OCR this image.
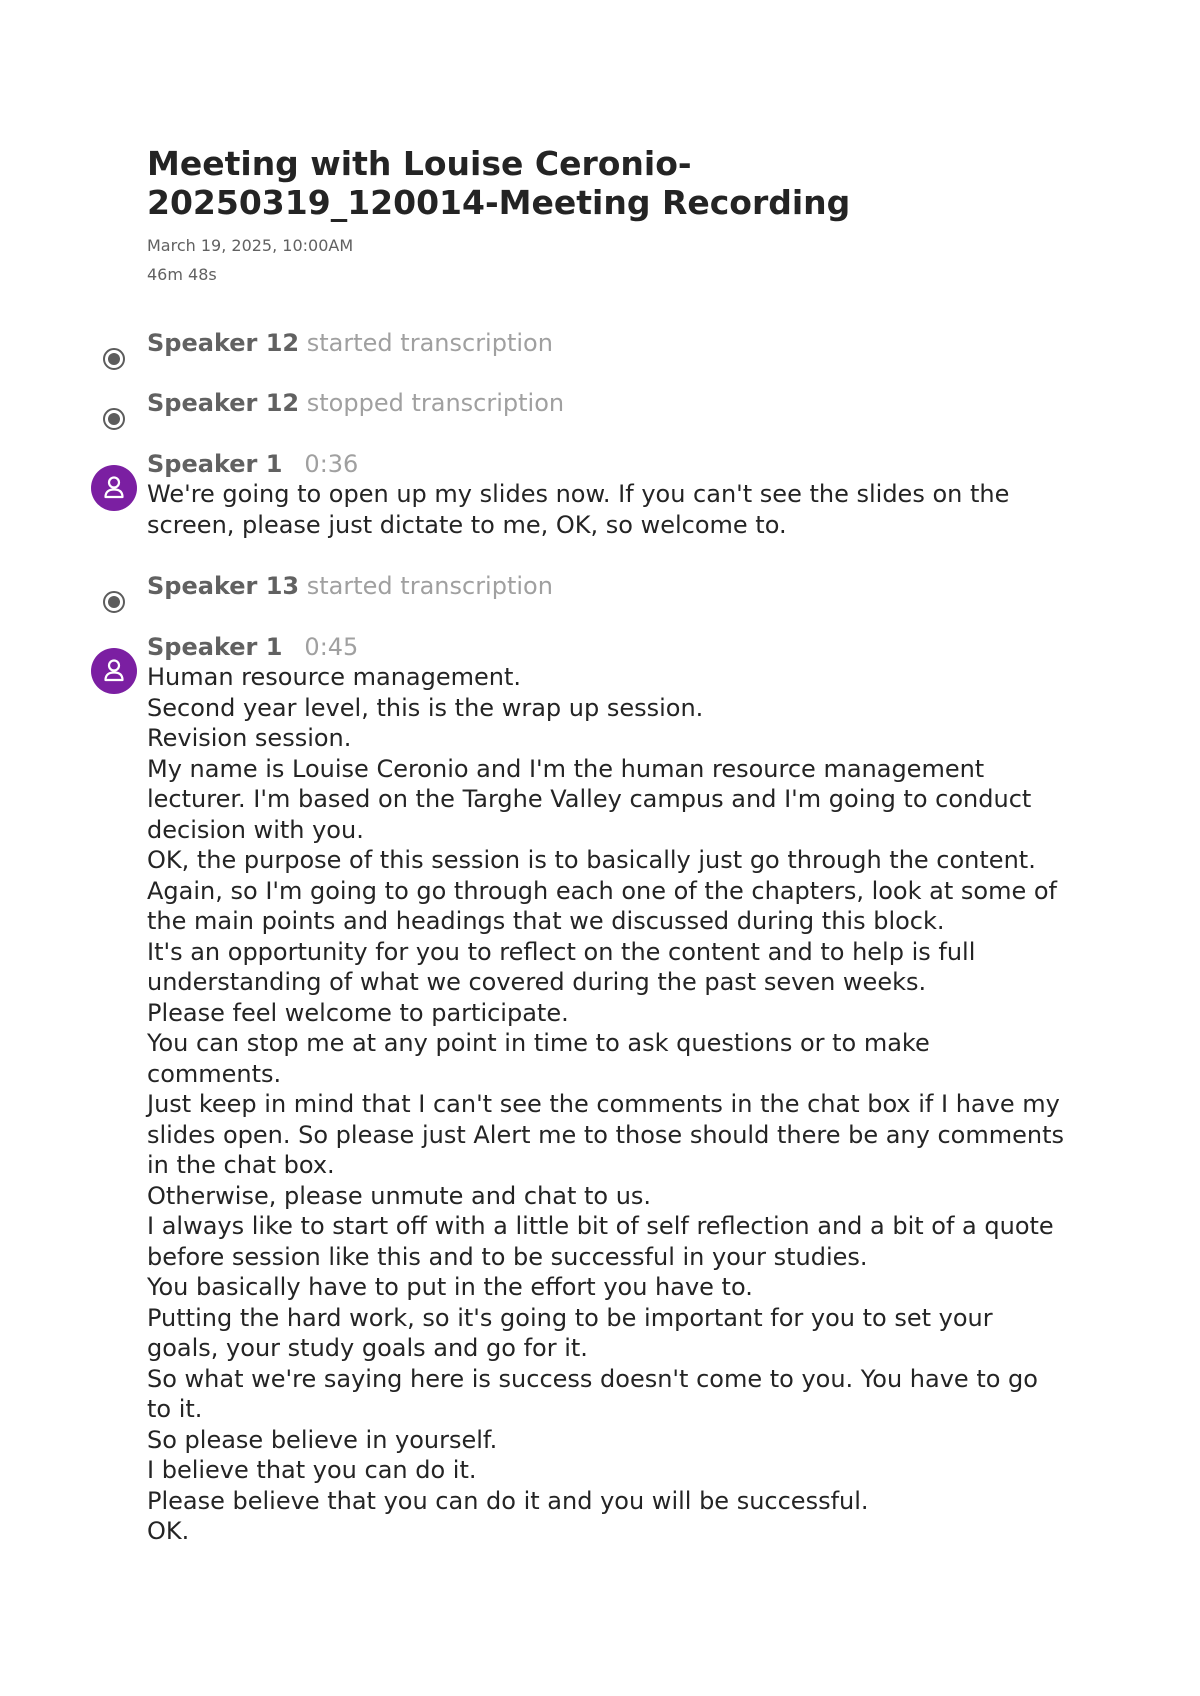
Meeting with Louise Ceronio-
20250319_120014-Meeting Recording

March 19, 2025, 10:00AM

46m 48s

Speaker 12 started transcription
Speaker 12 stopped transcription
Speaker 1 0:36

We're going to open up my slides now. If you can't see the slides on the screen, please just dictate to me, OK, so welcome to.

Speaker 13 started transcription
Speaker 1 0:45

Human resource management.

Second year level, this is the wrap up session.

Revision session.

My name is Louise Ceronio and I'm the human resource management lecturer. I'm based on the Targhe Valley campus and I'm going to conduct decision with you.

OK, the purpose of this session is to basically just go through the content.

Again, so I'm going to go through each one of the chapters, look at some of the main points and headings that we discussed during this block.

It's an opportunity for you to reflect on the content and to help is full understanding of what we covered during the past seven weeks.

Please feel welcome to participate.

You can stop me at any point in time to ask questions or to make comments.

Just keep in mind that I can't see the comments in the chat box if I have my slides open. So please just Alert me to those should there be any comments in the chat box.

Otherwise, please unmute and chat to us.

I always like to start off with a little bit of self reflection and a bit of a quote before session like this and to be successful in your studies.

You basically have to put in the effort you have to.

Putting the hard work, so it's going to be important for you to set your goals, your study goals and go for it.

So what we're saying here is success doesn't come to you. You have to go to it.

So please believe in yourself.

I believe that you can do it.

Please believe that you can do it and you will be successful.

OK.
